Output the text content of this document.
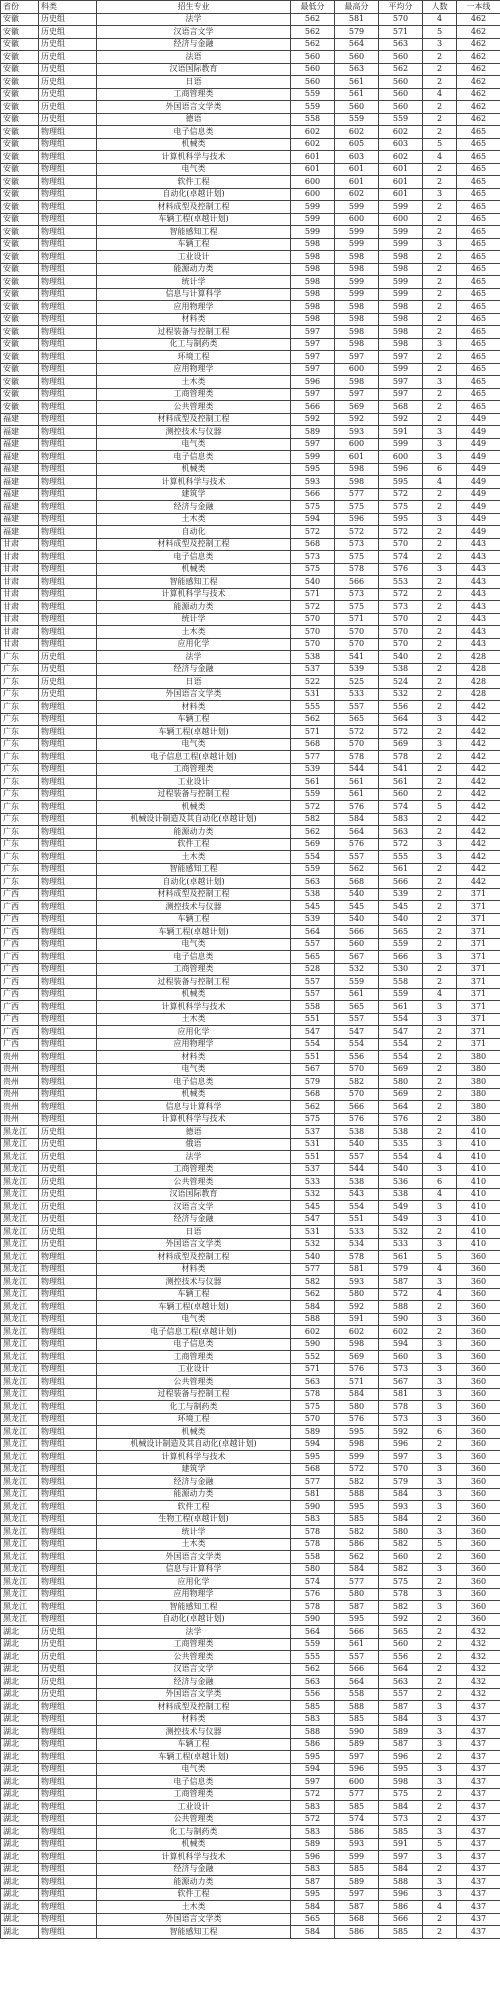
省份	科类	招生专业	最低分	最高分	平均分	人数	一本线
安徽	历史组	法学	562	581	570	4	462
安徽	历史组	汉语言文学	562	579	571	5	462
安徽	历史组	经济与金融	562	564	563	3	462
安徽	历史组	法语	560	560	560	2	462
安徽	历史组	汉语国际教育	560	563	562	2	462
安徽	历史组	日语	560	561	560	2	462
安徽	历史组	工商管理类	559	561	560	4	462
安徽	历史组	外国语言文学类	559	560	560	2	462
安徽	历史组	德语	558	559	559	2	462
安徽	物理组	电子信息类	602	602	602	2	465
安徽	物理组	机械类	602	605	603	5	465
安徽	物理组	计算机科学与技术	601	603	602	4	465
安徽	物理组	电气类	601	601	601	2	465
安徽	物理组	软件工程	600	601	601	2	465
安徽	物理组	自动化(卓越计划)	600	602	601	3	465
安徽	物理组	材料成型及控制工程	599	599	599	2	465
安徽	物理组	车辆工程(卓越计划)	599	600	600	2	465
安徽	物理组	智能感知工程	599	599	599	2	465
安徽	物理组	车辆工程	598	599	599	3	465
安徽	物理组	工业设计	598	598	598	2	465
安徽	物理组	能源动力类	598	598	598	2	465
安徽	物理组	统计学	598	599	599	2	465
安徽	物理组	信息与计算科学	598	599	599	2	465
安徽	物理组	应用物理学	598	598	598	2	465
安徽	物理组	材料类	598	598	598	2	465
安徽	物理组	过程装备与控制工程	597	598	598	2	465
安徽	物理组	化工与制药类	597	598	598	3	465
安徽	物理组	环境工程	597	597	597	2	465
安徽	物理组	应用物理学	597	600	599	2	465
安徽	物理组	土木类	596	598	597	3	465
安徽	物理组	工商管理类	597	597	597	2	465
安徽	物理组	公共管理类	566	569	568	2	465
福建	物理组	材料成型及控制工程	592	592	592	2	449
福建	物理组	测控技术与仪器	589	593	591	3	449
福建	物理组	电气类	597	600	599	3	449
福建	物理组	电子信息类	599	601	600	3	449
福建	物理组	机械类	595	598	596	6	449
福建	物理组	计算机科学与技术	593	598	595	4	449
福建	物理组	建筑学	566	577	572	2	449
福建	物理组	经济与金融	575	575	575	2	449
福建	物理组	土木类	594	596	595	3	449
福建	物理组	自动化	572	572	572	2	449
甘肃	物理组	材料成型及控制工程	568	573	570	2	443
甘肃	物理组	电子信息类	573	575	574	2	443
甘肃	物理组	机械类	575	578	576	3	443
甘肃	物理组	智能感知工程	540	566	553	2	443
甘肃	物理组	计算机科学与技术	571	573	572	2	443
甘肃	物理组	能源动力类	572	575	573	2	443
甘肃	物理组	统计学	570	571	570	2	443
甘肃	物理组	土木类	570	570	570	2	443
甘肃	物理组	应用化学	570	570	570	2	443
广东	历史组	法学	538	541	540	2	428
广东	历史组	经济与金融	537	539	538	2	428
广东	历史组	日语	522	525	524	2	428
广东	历史组	外国语言文学类	531	533	532	2	428
广东	物理组	材料类	555	557	556	2	442
广东	物理组	车辆工程	562	565	564	3	442
广东	物理组	车辆工程(卓越计划)	571	572	572	2	442
广东	物理组	电气类	568	570	569	3	442
广东	物理组	电子信息工程(卓越计划)	577	578	578	2	442
广东	物理组	工商管理类	539	544	541	2	442
广东	物理组	工业设计	561	561	561	2	442
广东	物理组	过程装备与控制工程	559	561	560	2	442
广东	物理组	机械类	572	576	574	5	442
广东	物理组	机械设计制造及其自动化(卓越计划)	582	584	583	2	442
广东	物理组	能源动力类	562	564	563	2	442
广东	物理组	软件工程	569	576	572	3	442
广东	物理组	土木类	554	557	555	3	442
广东	物理组	智能感知工程	559	562	561	2	442
广东	物理组	自动化(卓越计划)	563	568	566	2	442
广西	物理组	材料成型及控制工程	538	540	539	2	371
广西	物理组	测控技术与仪器	545	545	545	2	371
广西	物理组	车辆工程	539	540	540	2	371
广西	物理组	车辆工程(卓越计划)	564	566	565	2	371
广西	物理组	电气类	557	560	559	2	371
广西	物理组	电子信息类	565	567	566	3	371
广西	物理组	工商管理类	528	532	530	2	371
广西	物理组	过程装备与控制工程	557	559	558	2	371
广西	物理组	机械类	557	561	559	4	371
广西	物理组	计算机科学与技术	558	565	561	3	371
广西	物理组	土木类	551	557	554	3	371
广西	物理组	应用化学	547	547	547	2	371
广西	物理组	应用物理学	554	554	554	2	371
贵州	物理组	材料类	551	556	554	2	380
贵州	物理组	电气类	567	570	569	2	380
贵州	物理组	电子信息类	579	582	580	2	380
贵州	物理组	机械类	568	570	569	2	380
贵州	物理组	信息与计算科学	562	566	564	2	380
贵州	物理组	计算机科学与技术	575	576	576	2	380
黑龙江	历史组	德语	537	538	538	2	410
黑龙江	历史组	俄语	531	540	535	3	410
黑龙江	历史组	法学	551	557	554	4	410
黑龙江	历史组	工商管理类	537	544	540	3	410
黑龙江	历史组	公共管理类	533	538	536	6	410
黑龙江	历史组	汉语国际教育	532	543	538	4	410
黑龙江	历史组	汉语言文学	545	554	549	3	410
黑龙江	历史组	经济与金融	547	551	549	3	410
黑龙江	历史组	日语	531	533	532	2	410
黑龙江	历史组	外国语言文学类	532	534	533	3	410
黑龙江	物理组	材料成型及控制工程	540	578	561	5	360
黑龙江	物理组	材料类	577	581	579	4	360
黑龙江	物理组	测控技术与仪器	582	593	587	3	360
黑龙江	物理组	车辆工程	562	580	572	4	360
黑龙江	物理组	车辆工程(卓越计划)	584	592	588	2	360
黑龙江	物理组	电气类	588	591	590	3	360
黑龙江	物理组	电子信息工程(卓越计划)	602	602	602	2	360
黑龙江	物理组	电子信息类	590	598	594	3	360
黑龙江	物理组	工商管理类	552	569	560	3	360
黑龙江	物理组	工业设计	571	576	573	3	360
黑龙江	物理组	公共管理类	563	571	567	3	360
黑龙江	物理组	过程装备与控制工程	578	584	581	3	360
黑龙江	物理组	化工与制药类	575	580	578	3	360
黑龙江	物理组	环境工程	570	576	573	3	360
黑龙江	物理组	机械类	589	595	592	6	360
黑龙江	物理组	机械设计制造及其自动化(卓越计划)	594	598	596	2	360
黑龙江	物理组	计算机科学与技术	595	599	597	3	360
黑龙江	物理组	建筑学	568	572	570	3	360
黑龙江	物理组	经济与金融	577	582	579	3	360
黑龙江	物理组	能源动力类	581	588	584	3	360
黑龙江	物理组	软件工程	590	595	593	3	360
黑龙江	物理组	生物工程(卓越计划)	583	585	584	2	360
黑龙江	物理组	统计学	578	582	580	3	360
黑龙江	物理组	土木类	578	586	582	5	360
黑龙江	物理组	外国语言文学类	558	562	560	2	360
黑龙江	物理组	信息与计算科学	580	584	582	3	360
黑龙江	物理组	应用化学	574	577	575	2	360
黑龙江	物理组	应用物理学	576	580	578	3	360
黑龙江	物理组	智能感知工程	578	587	582	3	360
黑龙江	物理组	自动化(卓越计划)	590	595	592	2	360
湖北	历史组	法学	564	566	565	2	432
湖北	历史组	工商管理类	559	561	560	2	432
湖北	历史组	公共管理类	555	557	556	2	432
湖北	历史组	汉语言文学	562	566	564	2	432
湖北	历史组	经济与金融	563	564	563	2	432
湖北	历史组	外国语言文学类	556	558	557	2	432
湖北	物理组	材料成型及控制工程	585	588	587	3	437
湖北	物理组	材料类	583	585	584	3	437
湖北	物理组	测控技术与仪器	588	590	589	3	437
湖北	物理组	车辆工程	586	589	587	3	437
湖北	物理组	车辆工程(卓越计划)	595	597	596	2	437
湖北	物理组	电气类	594	596	595	3	437
湖北	物理组	电子信息类	597	600	598	3	437
湖北	物理组	工商管理类	572	577	575	2	437
湖北	物理组	工业设计	583	585	584	2	437
湖北	物理组	公共管理类	572	574	573	2	437
湖北	物理组	化工与制药类	583	586	585	3	437
湖北	物理组	机械类	589	593	591	5	437
湖北	物理组	计算机科学与技术	596	599	597	3	437
湖北	物理组	经济与金融	583	585	584	2	437
湖北	物理组	能源动力类	587	589	588	3	437
湖北	物理组	软件工程	595	597	596	3	437
湖北	物理组	土木类	584	587	586	4	437
湖北	物理组	外国语言文学类	565	568	566	2	437
湖北	物理组	智能感知工程	584	586	585	2	437
